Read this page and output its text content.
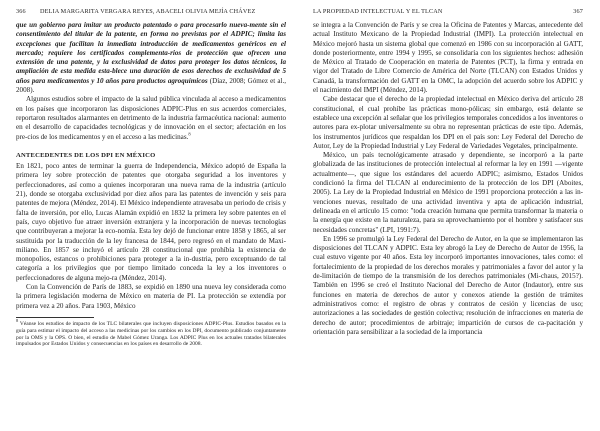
366 DELIA MARGARITA VERGARA REYES, ABACELI OLIVIA MEJÍA CHÁVEZ

que un gobierno para imitar un producto patentado o para procesarlo nueva-mente sin el consentimiento del titular de la patente, en forma no previstas por el ADPIC; limita las excepciones que facilitan la inmediata introducción de medicamentos genéricos en el mercado; requiere los certificados complementa-rios de protección que ofrecen una extensión de una patente, y la exclusividad de datos para proteger los datos técnicos, la ampliación de esta medida esta-blece una duración de esos derechos de exclusividad de 5 años para medicamentos y 10 años para productos agroquímicos (Díaz, 2008; Gómez et al., 2008).

Algunos estudios sobre el impacto de la salud pública vinculada al acceso a medicamentos en los países que incorporaron las disposiciones ADPIC-Plus en sus acuerdos comerciales, reportaron resultados alarmantes en detrimento de la industria farmacéutica nacional: aumento en el desarrollo de capacidades tecnológicas y de innovación en el sector; afectación en los pre-cios de los medicamentos y en el acceso a las medicinas.$^8$

ANTECEDENTES DE LOS DPI EN MÉXICO

En 1821, poco antes de terminar la guerra de Independencia, México adoptó de España la primera ley sobre protección de patentes que otorgaba seguridad a los inventores y perfeccionadores, así como a quienes incorporaran una nueva rama de la industria (artículo 21), donde se otorgaba exclusividad por diez años para las patentes de invención y seis para patentes de mejora (Méndez, 2014). El México independiente atravesaba un periodo de crisis y falta de inversión, por ello, Lucas Alamán expidió en 1832 la primera ley sobre patentes en el país, cuyo objetivo fue atraer inversión extranjera y la incorporación de nuevas tecnologías que contribuyeran a mejorar la eco-nomía. Esta ley dejó de funcionar entre 1858 y 1865, al ser sustituida por la traducción de la ley francesa de 1844, pero regresó en el mandato de Maxi-miliano. En 1857 se incluyó el artículo 28 constitucional que prohíbía la existencia de monopolios, estancos o prohibiciones para proteger a la in-dustria, pero exceptuando de tal categoría a los privilegios que por tiempo limitado conceda la ley a los inventores o perfeccionadores de alguna mejo-ra (Méndez, 2014).

Con la Convención de París de 1883, se expidió en 1890 una nueva ley considerada como la primera legislación moderna de México en materia de PI. La protección se extendía por primera vez a 20 años. Para 1903, México

$^8$ Véanse los estudios de impacto de los TLC bilaterales que incluyen disposiciones ADPIC-Plus. Estudios basados en la guía para estimar el impacto del acceso a las medicinas por los cambios en los DPI, documento publicado conjuntamente por la OMS y la OPS. O bien, el estudio de Mabel Gómez Uranga. Los ADPIC Plus en los actuales tratados bilaterales impulsados por Estados Unidos y consecuencias en los países en desarrollo de 2008.

LA PROPIEDAD INTELECTUAL Y EL TLCAN	367

se integra a la Convención de París y se crea la Oficina de Patentes y Marcas, antecedente del actual Instituto Mexicano de la Propiedad Industrial (IMPI). La protección intelectual en México mejoró hasta un sistema global que comenzó en 1986 con su incorporación al GATT, donde posteriormente, entre 1994 y 1995, se consolidaría con los siguientes hechos: adhesión de México al Tratado de Cooperación en materia de Patentes (PCT), la firma y entrada en vigor del Tratado de Libre Comercio de América del Norte (TLCAN) con Estados Unidos y Canadá, la transformación del GATT en la OMC, la adopción del acuerdo sobre los ADPIC y el nacimiento del IMPI (Méndez, 2014).

Cabe destacar que el derecho de la propiedad intelectual en México deriva del artículo 28 constitucional, el cual prohíbe las prácticas mono-pólicas; sin embargo, está delante se establece una excepción al señalar que los privilegios temporales concedidos a los inventores o autores para ex-plotar universalmente su obra no representan prácticas de este tipo. Además, los instrumentos jurídicos que respaldan los DPI en el país son: Ley Federal del Derecho de Autor, Ley de la Propiedad Industrial y Ley Federal de Variedades Vegetales, principalmente.

México, un país tecnológicamente atrasado y dependiente, se incorporó a la parte globalizada de las instituciones de protección intelectual al reformar la ley en 1991 —vigente actualmente—, que sigue los estándares del acuerdo ADPIC; asimismo, Estados Unidos condicionó la firma del TLCAN al endurecimiento de la protección de los DPI (Aboites, 2005). La Ley de la Propiedad Industrial en México de 1991 proporciona protección a las in-venciones nuevas, resultado de una actividad inventiva y apta de aplicación industrial, delineada en el artículo 15 como: "toda creación humana que permita transformar la materia o la energía que existe en la naturaleza, para su aprovechamiento por el hombre y satisfacer sus necesidades concretas" (LPI, 1991:7).

En 1996 se promulgó la Ley Federal del Derecho de Autor, en la que se implementaron las disposiciones del TLCAN y ADPIC. Esta ley abrogó la Ley de Derecho de Autor de 1956, la cual estuvo vigente por 40 años. Esta ley incorporó importantes innovaciones, tales como: el fortalecimiento de la propiedad de los derechos morales y patrimoniales a favor del autor y la de-limitación de tiempo de la transmisión de los derechos patrimoniales (Mi-chaus, 2015?). También en 1996 se creó el Instituto Nacional del Derecho de Autor (Indautor), entre sus funciones en materia de derechos de autor y conexos atiende la gestión de trámites administrativos como: el registro de obras y contratos de cesión y licencias de uso; autorizaciones a las sociedades de gestión colectiva; resolución de infracciones en materia de derecho de autor; procedimientos de arbitraje; impartición de cursos de ca-pacitación y orientación para sensibilizar a la sociedad de la importancia
